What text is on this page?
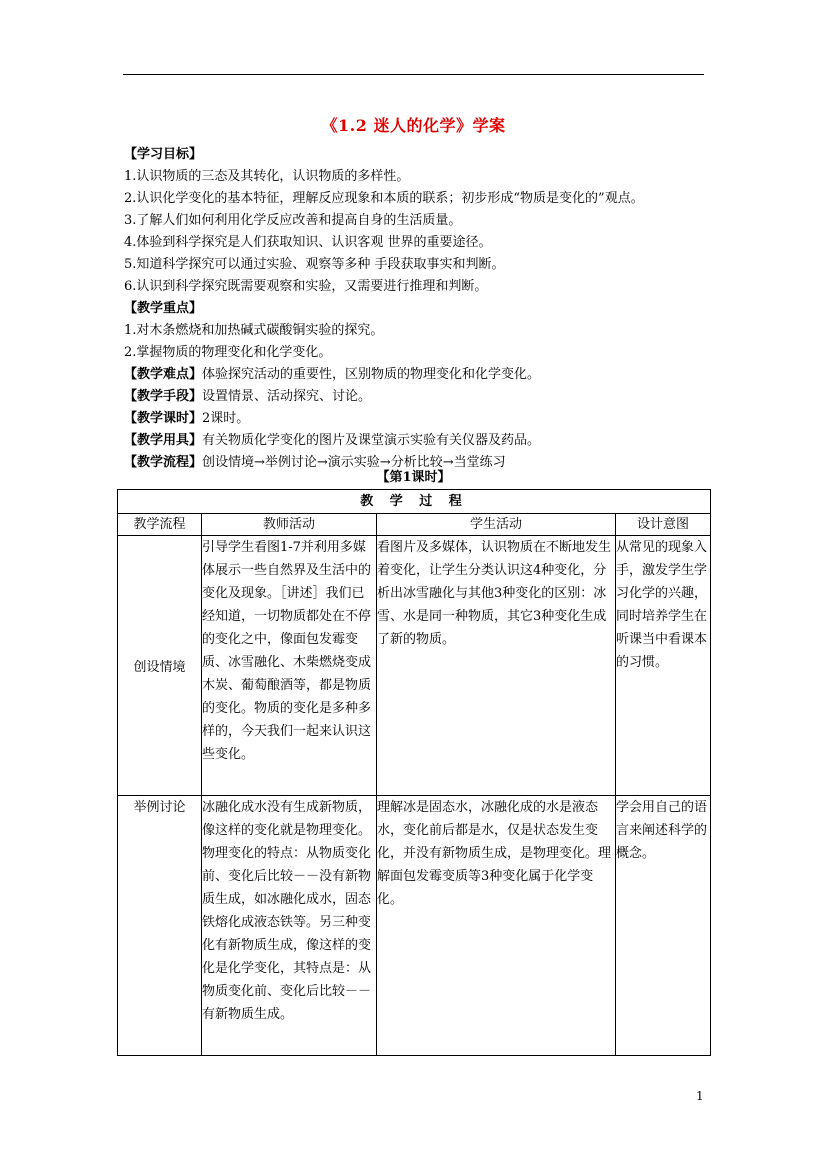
《1.2 迷人的化学》学案
【学习目标】
1.认识物质的三态及其转化，认识物质的多样性。
2.认识化学变化的基本特征，理解反应现象和本质的联系；初步形成“物质是变化的”观点。
3.了解人们如何利用化学反应改善和提高自身的生活质量。
4.体验到科学探究是人们获取知识、认识客观 世界的重要途径。
5.知道科学探究可以通过实验、观察等多种 手段获取事实和判断。
6.认识到科学探究既需要观察和实验，又需要进行推理和判断。
【教学重点】
1.对木条燃烧和加热碱式碳酸铜实验的探究。
2.掌握物质的物理变化和化学变化。
【教学难点】体验探究活动的重要性，区别物质的物理变化和化学变化。
【教学手段】设置情景、活动探究、讨论。
【教学课时】2课时。
【教学用具】有关物质化学变化的图片及课堂演示实验有关仪器及药品。
【教学流程】创设情境→举例讨论→演示实验→分析比较→当堂练习
【第1课时】
教 学 过 程			
教学流程	教师活动	学生活动	设计意图

创设情境	引导学生看图1-7并利用多媒体展示一些自然界及生活中的变化及现象。［讲述］我们已经知道，一切物质都处在不停的变化之中，像面包发霉变质、冰雪融化、木柴燃烧变成木炭、葡萄酿酒等，都是物质的变化。物质的变化是多种多样的，今天我们一起来认识这些变化。	看图片及多媒体，认识物质在不断地发生着变化，让学生分类认识这4种变化，分析出冰雪融化与其他3种变化的区别：冰雪、水是同一种物质，其它3种变化生成了新的物质。	从常见的现象入手，激发学生学习化学的兴趣，同时培养学生在听课当中看课本的习惯。
举例讨论	冰融化成水没有生成新物质，像这样的变化就是物理变化。物理变化的特点：从物质变化前、变化后比较－－没有新物质生成，如冰融化成水，固态铁熔化成液态铁等。另三种变化有新物质生成，像这样的变化是化学变化，其特点是：从物质变化前、变化后比较－－有新物质生成。	理解冰是固态水，冰融化成的水是液态水，变化前后都是水，仅是状态发生变化，并没有新物质生成，是物理变化。理解面包发霉变质等3种变化属于化学变化。	学会用自己的语言来阐述科学的概念。
1
